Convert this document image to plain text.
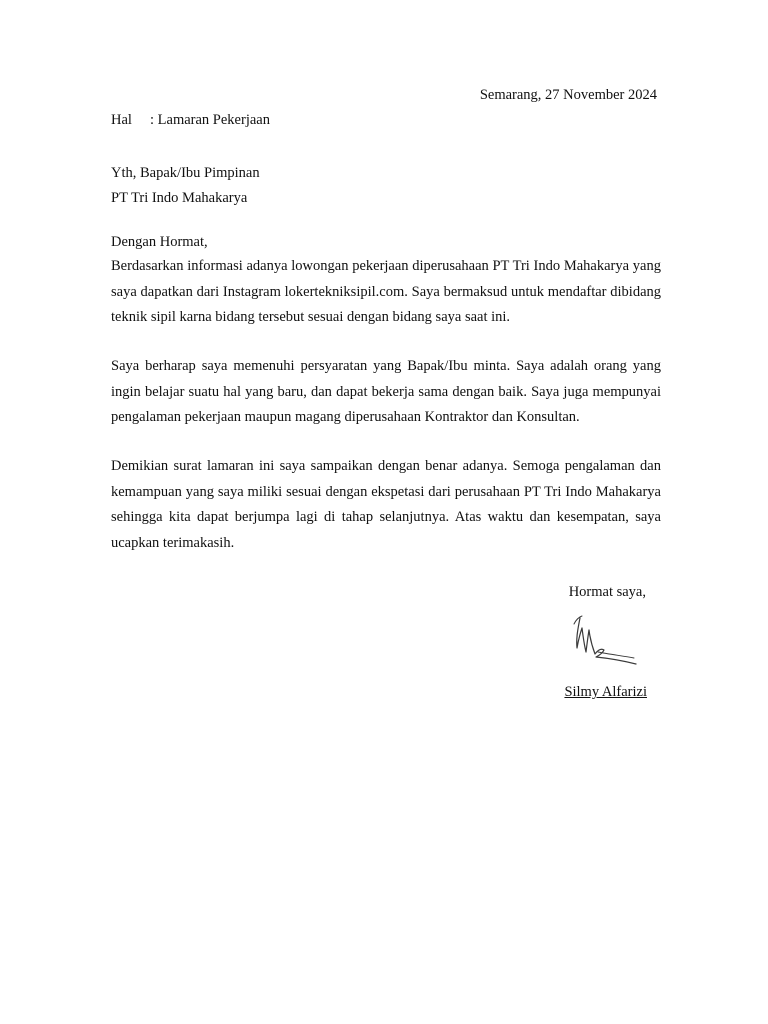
Semarang, 27 November 2024
Hal : Lamaran Pekerjaan
Yth, Bapak/Ibu Pimpinan
PT Tri Indo Mahakarya
Dengan Hormat,
Berdasarkan informasi adanya lowongan pekerjaan diperusahaan PT Tri Indo Mahakarya yang saya dapatkan dari Instagram lokertekniksipil.com. Saya bermaksud untuk mendaftar dibidang teknik sipil karna bidang tersebut sesuai dengan bidang saya saat ini.
Saya berharap saya memenuhi persyaratan yang Bapak/Ibu minta. Saya adalah orang yang ingin belajar suatu hal yang baru, dan dapat bekerja sama dengan baik. Saya juga mempunyai pengalaman pekerjaan maupun magang diperusahaan Kontraktor dan Konsultan.
Demikian surat lamaran ini saya sampaikan dengan benar adanya. Semoga pengalaman dan kemampuan yang saya miliki sesuai dengan ekspetasi dari perusahaan PT Tri Indo Mahakarya sehingga kita dapat berjumpa lagi di tahap selanjutnya. Atas waktu dan kesempatan, saya ucapkan terimakasih.
Hormat saya,
Silmy Alfarizi
